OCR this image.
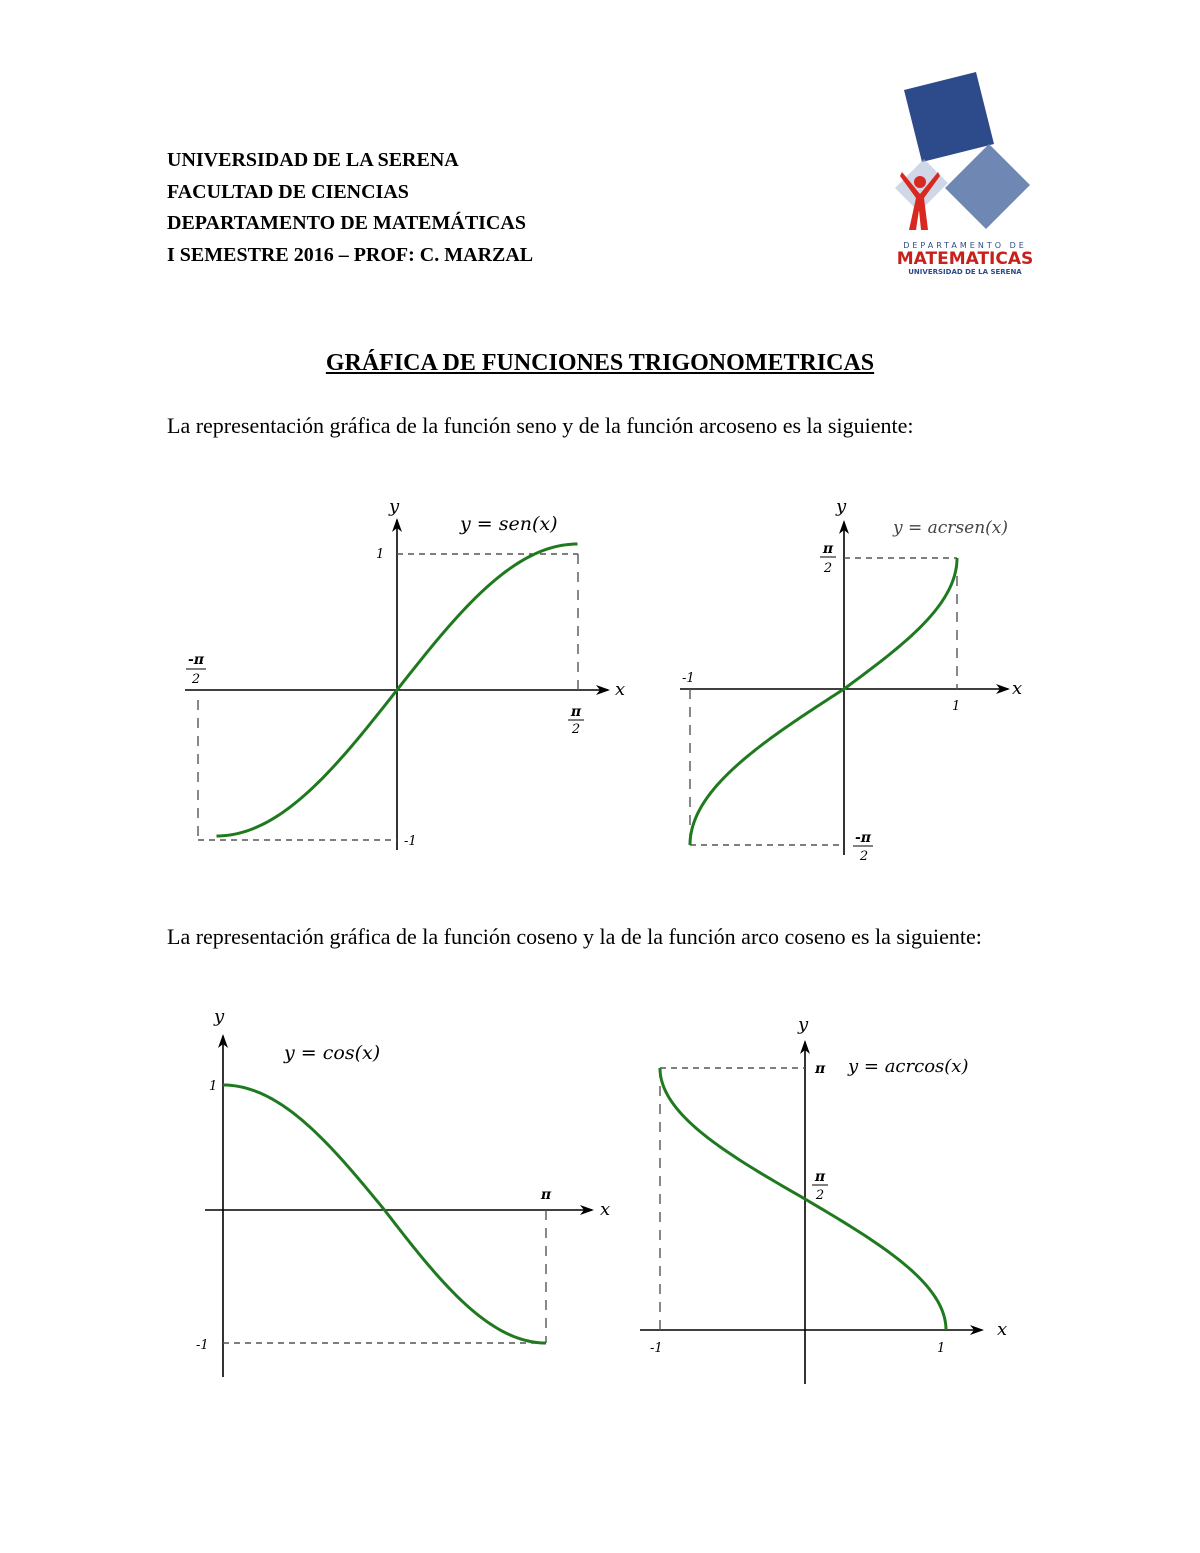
UNIVERSIDAD DE LA SERENA
FACULTAD DE CIENCIAS
DEPARTAMENTO DE MATEMÁTICAS
I SEMESTRE 2016 – PROF: C. MARZAL	DEPARTAMENTO DE
MATEMATICAS
UNIVERSIDAD DE LA SERENA
GRÁFICA DE FUNCIONES TRIGONOMETRICAS
La representación gráfica de la función seno y de la función arcoseno es la siguiente:
y
x
y = sen(x)
1
-1
-π
2
π
2
y
x
y = acrsen(x)
π
2
-π
2
-1
1
La representación gráfica de la función coseno y la de la función arco coseno es la siguiente:
y
x
y = cos(x)
1
-1
π
y
x
y = acrcos(x)
π
π
2
-1	1
